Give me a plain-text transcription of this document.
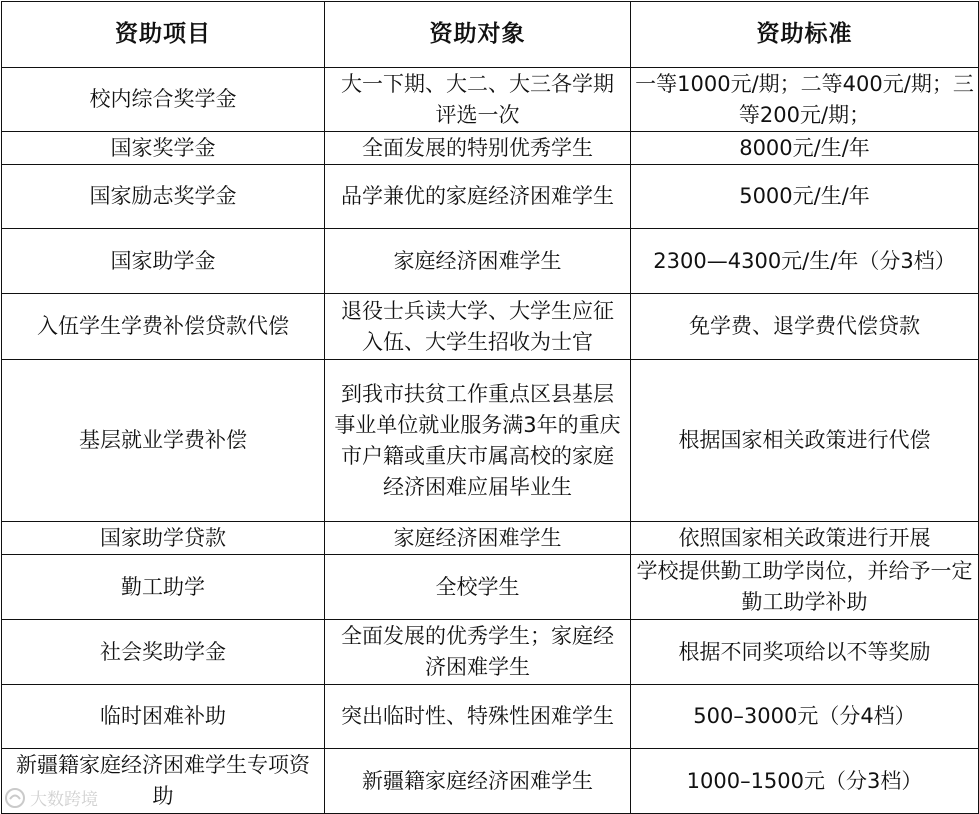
资助项目	资助对象	资助标准
校内综合奖学金	大一下期、大二、大三各学期评选一次	一等1000元/期；二等400元/期；三等200元/期；
国家奖学金	全面发展的特别优秀学生	8000元/生/年
国家励志奖学金	品学兼优的家庭经济困难学生	5000元/生/年
国家助学金	家庭经济困难学生	2300—4300元/生/年（分3档）
入伍学生学费补偿贷款代偿	退役士兵读大学、大学生应征入伍、大学生招收为士官	免学费、退学费代偿贷款
基层就业学费补偿	到我市扶贫工作重点区县基层事业单位就业服务满3年的重庆市户籍或重庆市属高校的家庭经济困难应届毕业生	根据国家相关政策进行代偿
国家助学贷款	家庭经济困难学生	依照国家相关政策进行开展
勤工助学	全校学生	学校提供勤工助学岗位，并给予一定勤工助学补助
社会奖助学金	全面发展的优秀学生；家庭经济困难学生	根据不同奖项给以不等奖励
临时困难补助	突出临时性、特殊性困难学生	500–3000元（分4档）
新疆籍家庭经济困难学生专项资助	新疆籍家庭经济困难学生	1000–1500元（分3档）
大数跨境
